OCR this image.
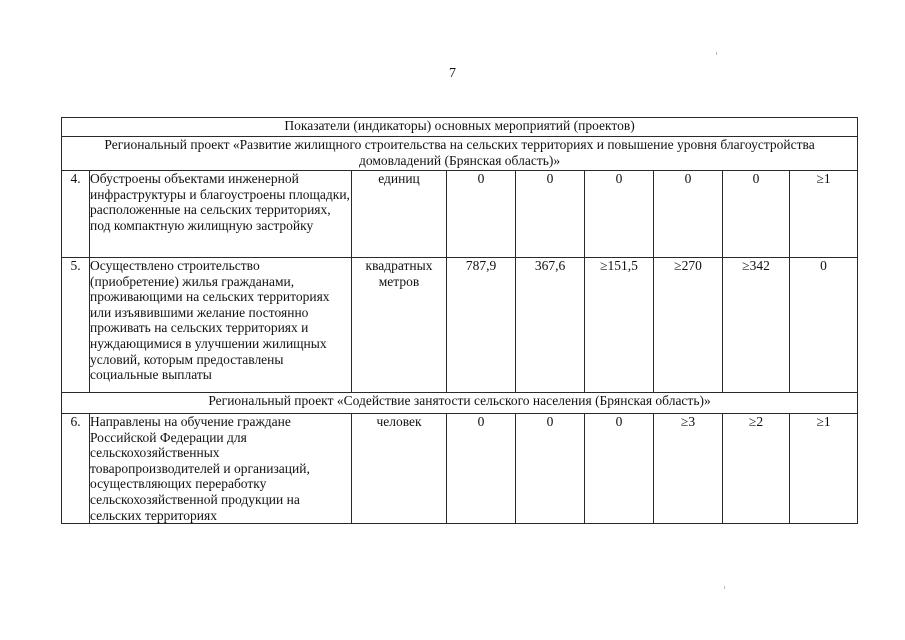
7
Показатели (индикаторы) основных мероприятий (проектов)								
Региональный проект «Развитие жилищного строительства на сельских территориях и повышение уровня благоустройства домовладений (Брянская область)»								
4.	Обустроены объектами инженерной инфраструктуры и благоустроены площадки, расположенные на сельских территориях, под компактную жилищную застройку	единиц	0	0	0	0	0	≥1
5.	Осуществлено строительство (приобретение) жилья гражданами, проживающими на сельских территориях или изъявившими желание постоянно проживать на сельских территориях и нуждающимися в улучшении жилищных условий, которым предоставлены социальные выплаты	квадратных метров	787,9	367,6	≥151,5	≥270	≥342	0
Региональный проект «Содействие занятости сельского населения (Брянская область)»								
6.	Направлены на обучение граждане Российской Федерации для сельскохозяйственных товаропроизводителей и организаций, осуществляющих переработку сельскохозяйственной продукции на сельских территориях	человек	0	0	0	≥3	≥2	≥1
